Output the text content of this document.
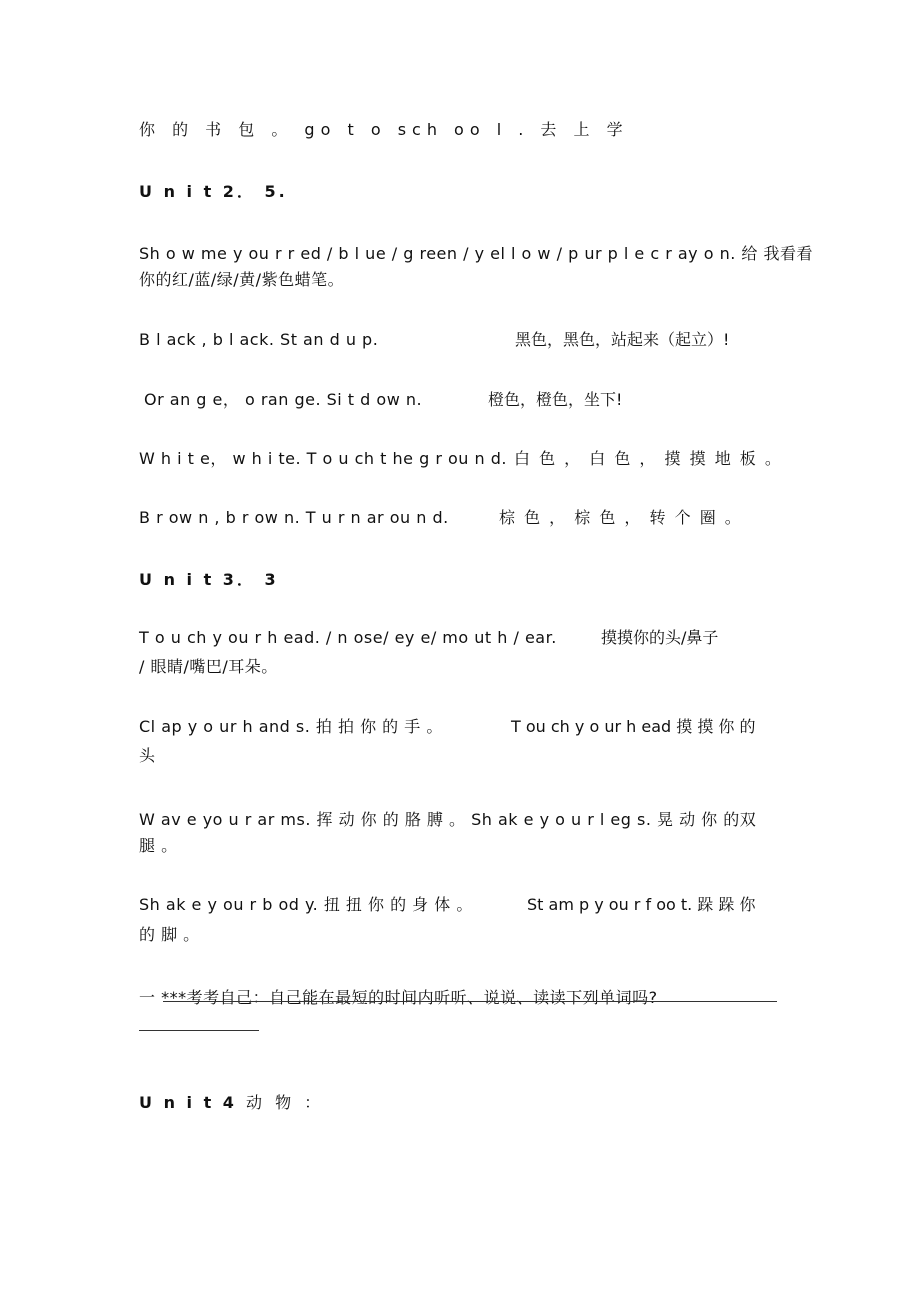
你 的 书 包 。 go t o sch oo l . 去 上 学
U n i t 2． 5.
Sh o w me y ou r r ed / b l ue / g reen / y el l o w / p ur p l e c r ay o n. 给 我看看
你的红/蓝/绿/黄/紫色蜡笔。
B l ack , b l ack. St an d u p.	黑色，黑色，站起来（起立）!
Or an g e， o ran ge. Si t d ow n.	橙色，橙色，坐下!
W h i t e， w h i te. T o u ch t he g r ou n d. 白 色 ， 白 色 ， 摸 摸 地 板 。
B r ow n , b r ow n. T u r n ar ou n d.	棕 色 ， 棕 色 ， 转 个 圈 。
U n i t 3． 3
T o u ch y ou r h ead. / n ose/ ey e/ mo ut h / ear.	摸摸你的头/鼻子
/ 眼睛/嘴巴/耳朵。
Cl ap y o ur h and s. 拍 拍 你 的 手 。	T ou ch y o ur h ead 摸 摸 你 的
头
W av e yo u r ar ms. 挥 动 你 的 胳 膊 。 Sh ak e y o u r l eg s. 晃 动 你 的双
腿 。
Sh ak e y ou r b od y. 扭 扭 你 的 身 体 。	St am p y ou r f oo t. 跺 跺 你
的 脚 。
一 ***考考自己：自己能在最短的时间内听听、说说、读读下列单词吗?
U n i t 4 动 物 ：
